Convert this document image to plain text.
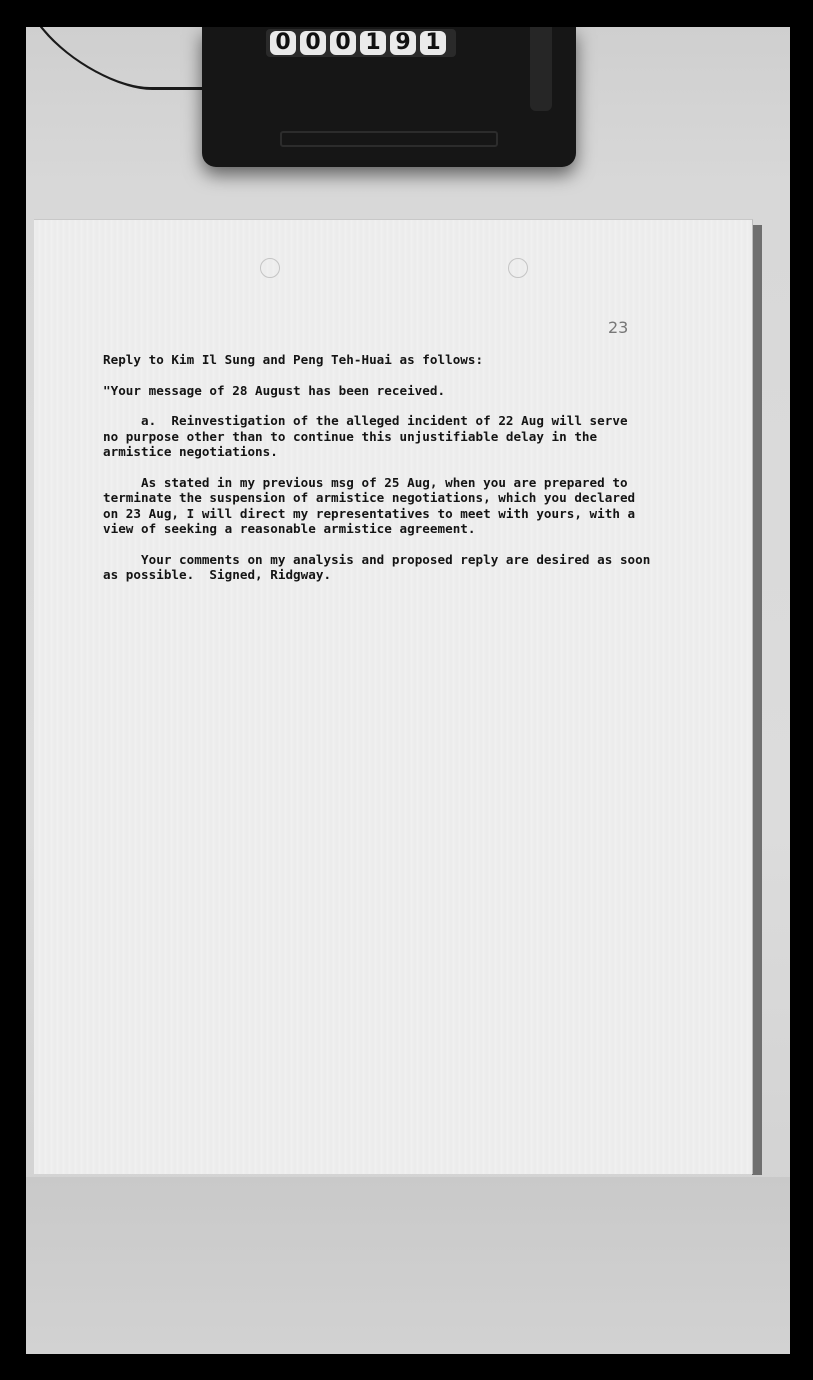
0 0 0 1 9 1
23

Reply to Kim Il Sung and Peng Teh-Huai as follows:

"Your message of 28 August has been received.

a.  Reinvestigation of the alleged incident of 22 Aug will serve
no purpose other than to continue this unjustifiable delay in the
armistice negotiations.

As stated in my previous msg of 25 Aug, when you are prepared to
terminate the suspension of armistice negotiations, which you declared
on 23 Aug, I will direct my representatives to meet with yours, with a
view of seeking a reasonable armistice agreement.

Your comments on my analysis and proposed reply are desired as soon
as possible.  Signed, Ridgway.
